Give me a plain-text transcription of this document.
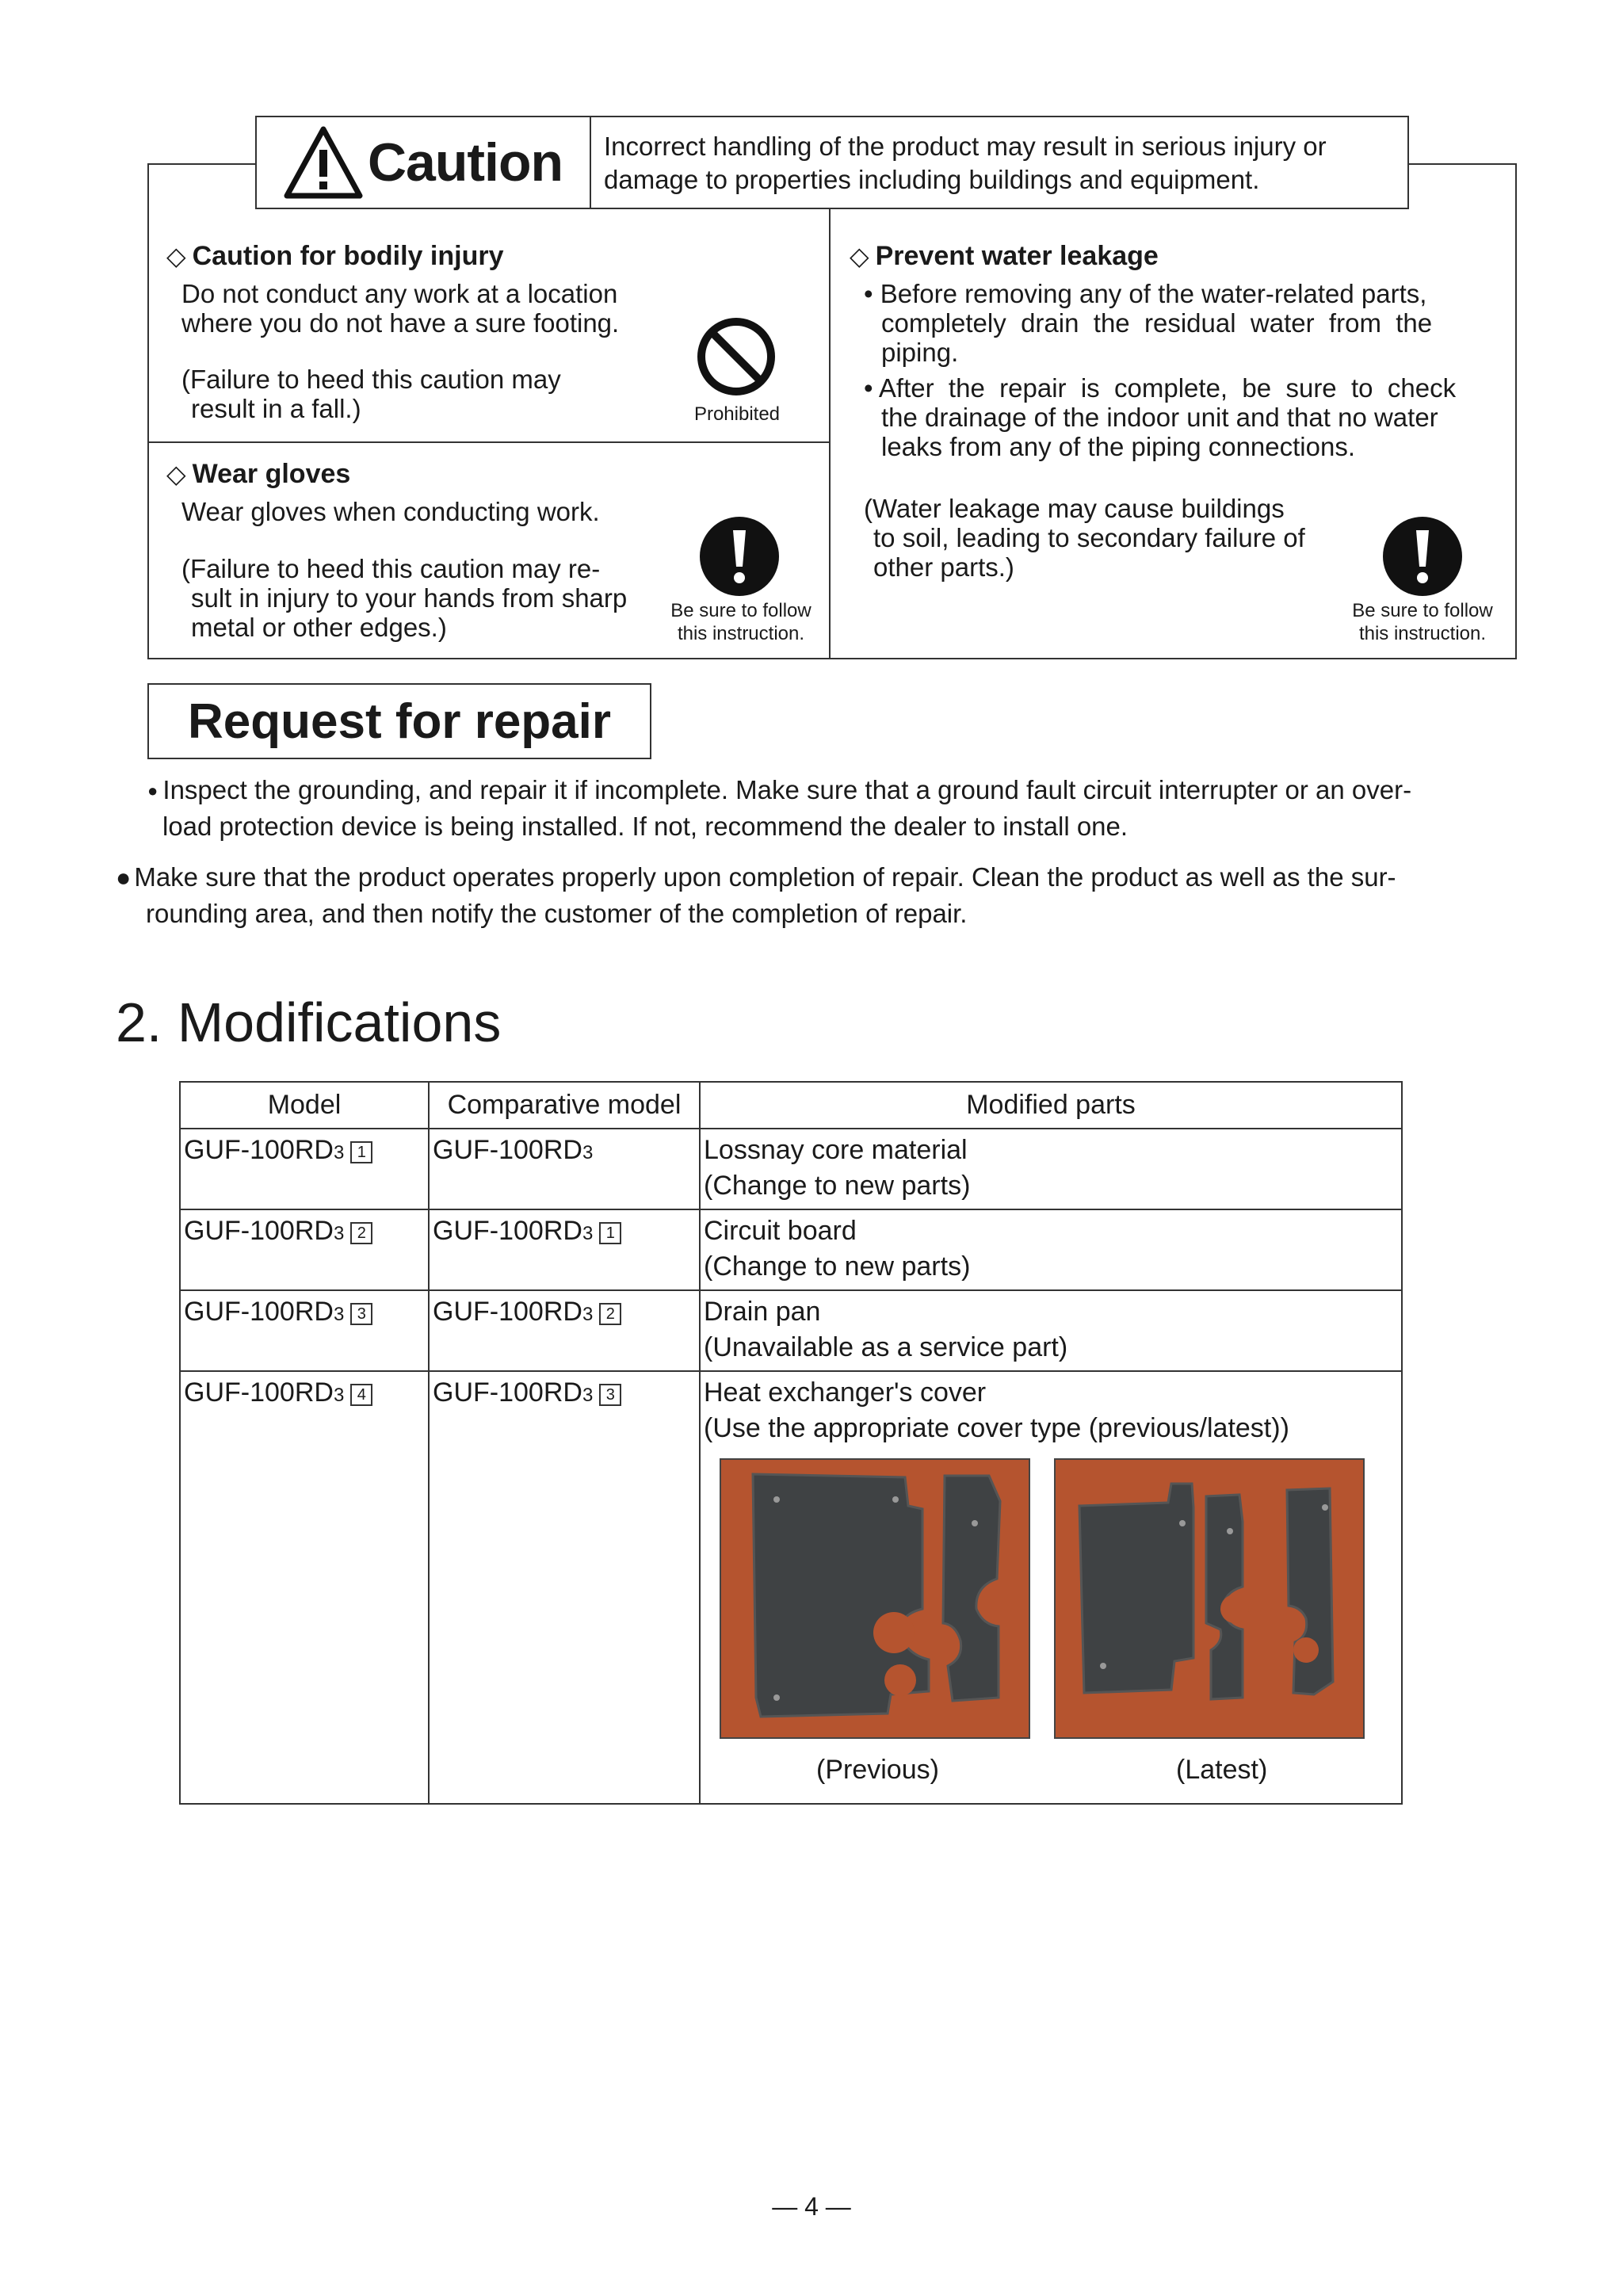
Caution Incorrect handling of the product may result in serious injury or
damage to properties including buildings and equipment.
◇ Caution for bodily injury
Do not conduct any work at a location
where you do not have a sure footing.
(Failure to heed this caution may
result in a fall.)	Prohibited
◇ Wear gloves
Wear gloves when conducting work.
(Failure to heed this caution may re-
sult in injury to your hands from sharp
metal or other edges.)
Be sure to follow
this instruction.
◇ Prevent water leakage
• Before removing any of the water-related parts,
completely  drain  the  residual  water  from  the
piping.
• After  the  repair  is  complete,  be  sure  to  check
the drainage of the indoor unit and that no water
leaks from any of the piping connections.
(Water leakage may cause buildings
to soil, leading to secondary failure of
other parts.)
Be sure to follow
this instruction.
Request for repair
● Inspect the grounding, and repair it if incomplete. Make sure that a ground fault circuit interrupter or an over-
load protection device is being installed. If not, recommend the dealer to install one.
● Make sure that the product operates properly upon completion of repair. Clean the product as well as the sur-
rounding area, and then notify the customer of the completion of repair.
2. Modifications
Model	Comparative model	Modified parts
GUF-100RD3 1	GUF-100RD3	Lossnay core material
(Change to new parts)

GUF-100RD3 2	GUF-100RD3 1	Circuit board
(Change to new parts)

GUF-100RD3 3	GUF-100RD3 2	Drain pan
(Unavailable as a service part)

GUF-100RD3 4	GUF-100RD3 3	Heat exchanger's cover
(Use the appropriate cover type (previous/latest))
(Previous)	(Latest)
— 4 —
